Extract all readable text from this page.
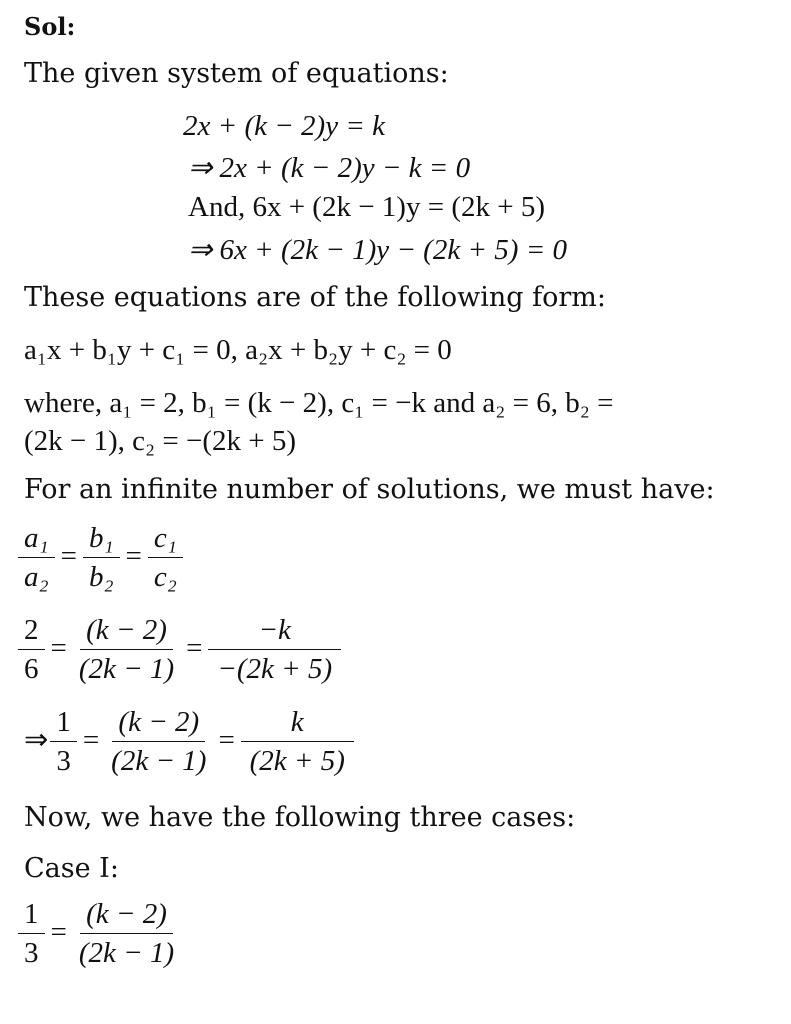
Sol:
The given system of equations:
2x + (k − 2)y = k
⇒ 2x + (k − 2)y − k = 0
And, 6x + (2k − 1)y = (2k + 5)
⇒ 6x + (2k − 1)y − (2k + 5) = 0
These equations are of the following form:
a₁x + b₁y + c₁ = 0, a₂x + b₂y + c₂ = 0
where, a₁ = 2, b₁ = (k − 2), c₁ = −k and a₂ = 6, b₂ =
(2k − 1), c₂ = −(2k + 5)
For an infinite number of solutions, we must have:
$\frac{\text{a₁}}{\text{a₂}} = \frac{\text{b₁}}{\text{b₂}} = \frac{\text{c₁}}{\text{c₂}}$
$\frac{2}{6} = \frac{(k - 2)}{(2k - 1)} = \frac{-k}{-(2k + 5)}$
⇒ $\frac{1}{3} = \frac{(k - 2)}{(2k - 1)} = \frac{k}{(2k + 5)}$
Now, we have the following three cases:
Case I:
$\frac{1}{3} = \frac{(k - 2)}{(2k - 1)}$
